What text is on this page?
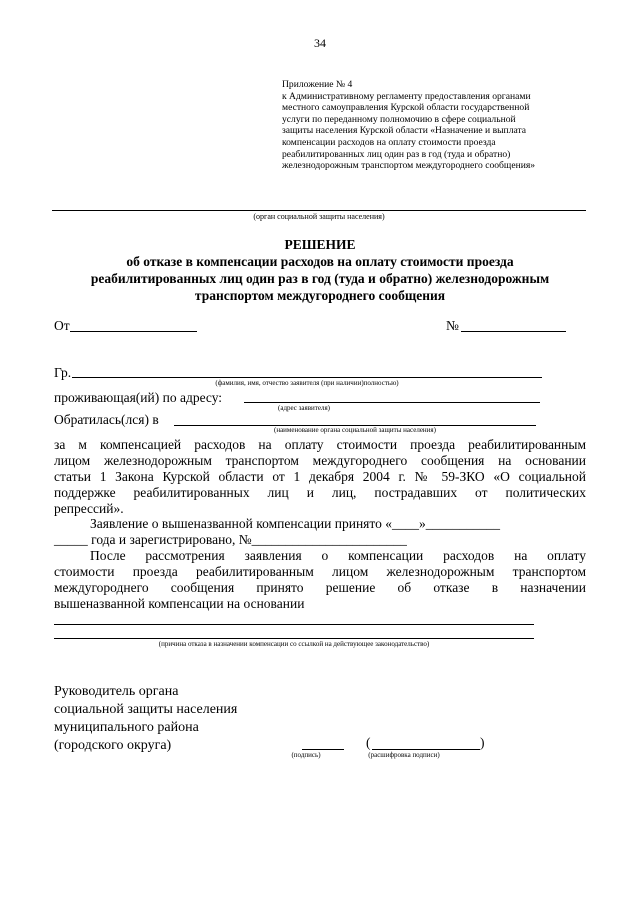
34
Приложение № 4
к Административному регламенту предоставления органами
местного самоуправления Курской области государственной
услуги по переданному полномочию в сфере социальной
защиты населения Курской области «Назначение и выплата
компенсации расходов на оплату стоимости проезда
реабилитированных лиц один раз в год (туда и обратно)
железнодорожным транспортом междугороднего сообщения»
(орган социальной защиты населения)
РЕШЕНИЕ
об отказе в компенсации расходов на оплату стоимости проезда
реабилитированных лиц один раз в год (туда и обратно) железнодорожным
транспортом междугороднего сообщения
От	№
Гр.
(фамилия, имя, отчество заявителя (при наличии)полностью)
проживающая(ий) по адресу:
(адрес заявителя)
Обратилась(лся) в
(наименование органа социальной защиты населения)
за м компенсацией расходов на оплату стоимости проезда реабилитированным
лицом железнодорожным транспортом междугороднего сообщения на основании
статьи 1 Закона Курской области от 1 декабря 2004 г. № 59-ЗКО «О социальной
поддержке реабилитированных лиц и лиц, пострадавших от политических
репрессий».
Заявление о вышеназванной компенсации принято «____»___________
_____ года и зарегистрировано, №_______________________
После рассмотрения заявления о компенсации расходов на оплату
стоимости проезда реабилитированным лицом железнодорожным транспортом
междугороднего сообщения принято решение об отказе в назначении
вышеназванной компенсации на основании
(причина отказа в назначении компенсации со ссылкой на действующее законодательство)
Руководитель органа
социальной защиты населения
муниципального района
(городского округа)
(подпись)
(	)
(расшифровка подписи)
